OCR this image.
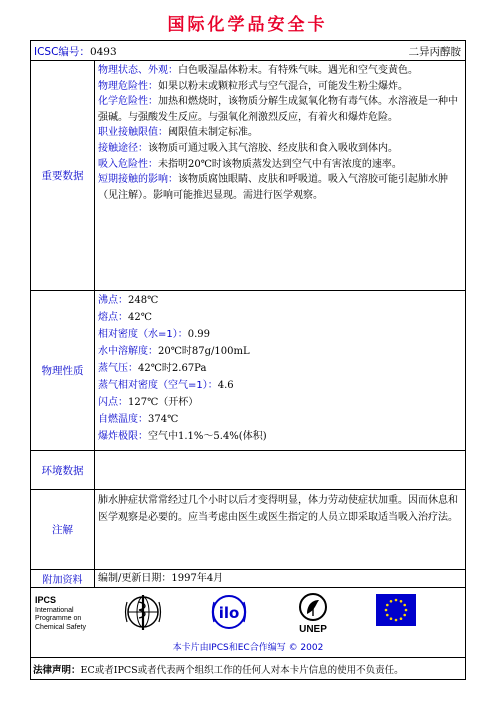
国际化学品安全卡
ICSC编号：0493	二异丙醇胺
重要数据

物理状态、外观：白色吸湿晶体粉末。有特殊气味。遇光和空气变黄色。

物理危险性：如果以粉末或颗粒形式与空气混合，可能发生粉尘爆炸。

化学危险性：加热和燃烧时，该物质分解生成氮氧化物有毒气体。水溶液是一种中强碱。与强酸发生反应。与强氧化剂激烈反应，有着火和爆炸危险。

职业接触限值：阈限值未制定标准。

接触途径：该物质可通过吸入其气溶胶、经皮肤和食入吸收到体内。

吸入危险性：未指明20℃时该物质蒸发达到空气中有害浓度的速率。

短期接触的影响：该物质腐蚀眼睛、皮肤和呼吸道。吸入气溶胶可能引起肺水肿（见注解）。影响可能推迟显现。需进行医学观察。

物理性质

沸点：248℃

熔点：42℃

相对密度（水=1）：0.99

水中溶解度：20℃时87g/100mL

蒸气压：42℃时2.67Pa

蒸气相对密度（空气=1）：4.6

闪点：127℃（开杯）

自燃温度：374℃

爆炸极限：空气中1.1%～5.4%(体积)

环境数据
注解
肺水肿症状常常经过几个小时以后才变得明显，体力劳动使症状加重。因而休息和医学观察是必要的。应当考虑由医生或医生指定的人员立即采取适当吸入治疗法。
附加资料	编制/更新日期：1997年4月
IPCS
International
Programme on
Chemical Safety
ilo
UNEP
本卡片由IPCS和EC合作编写 © 2002
法律声明：EC或者IPCS或者代表两个组织工作的任何人对本卡片信息的使用不负责任。
